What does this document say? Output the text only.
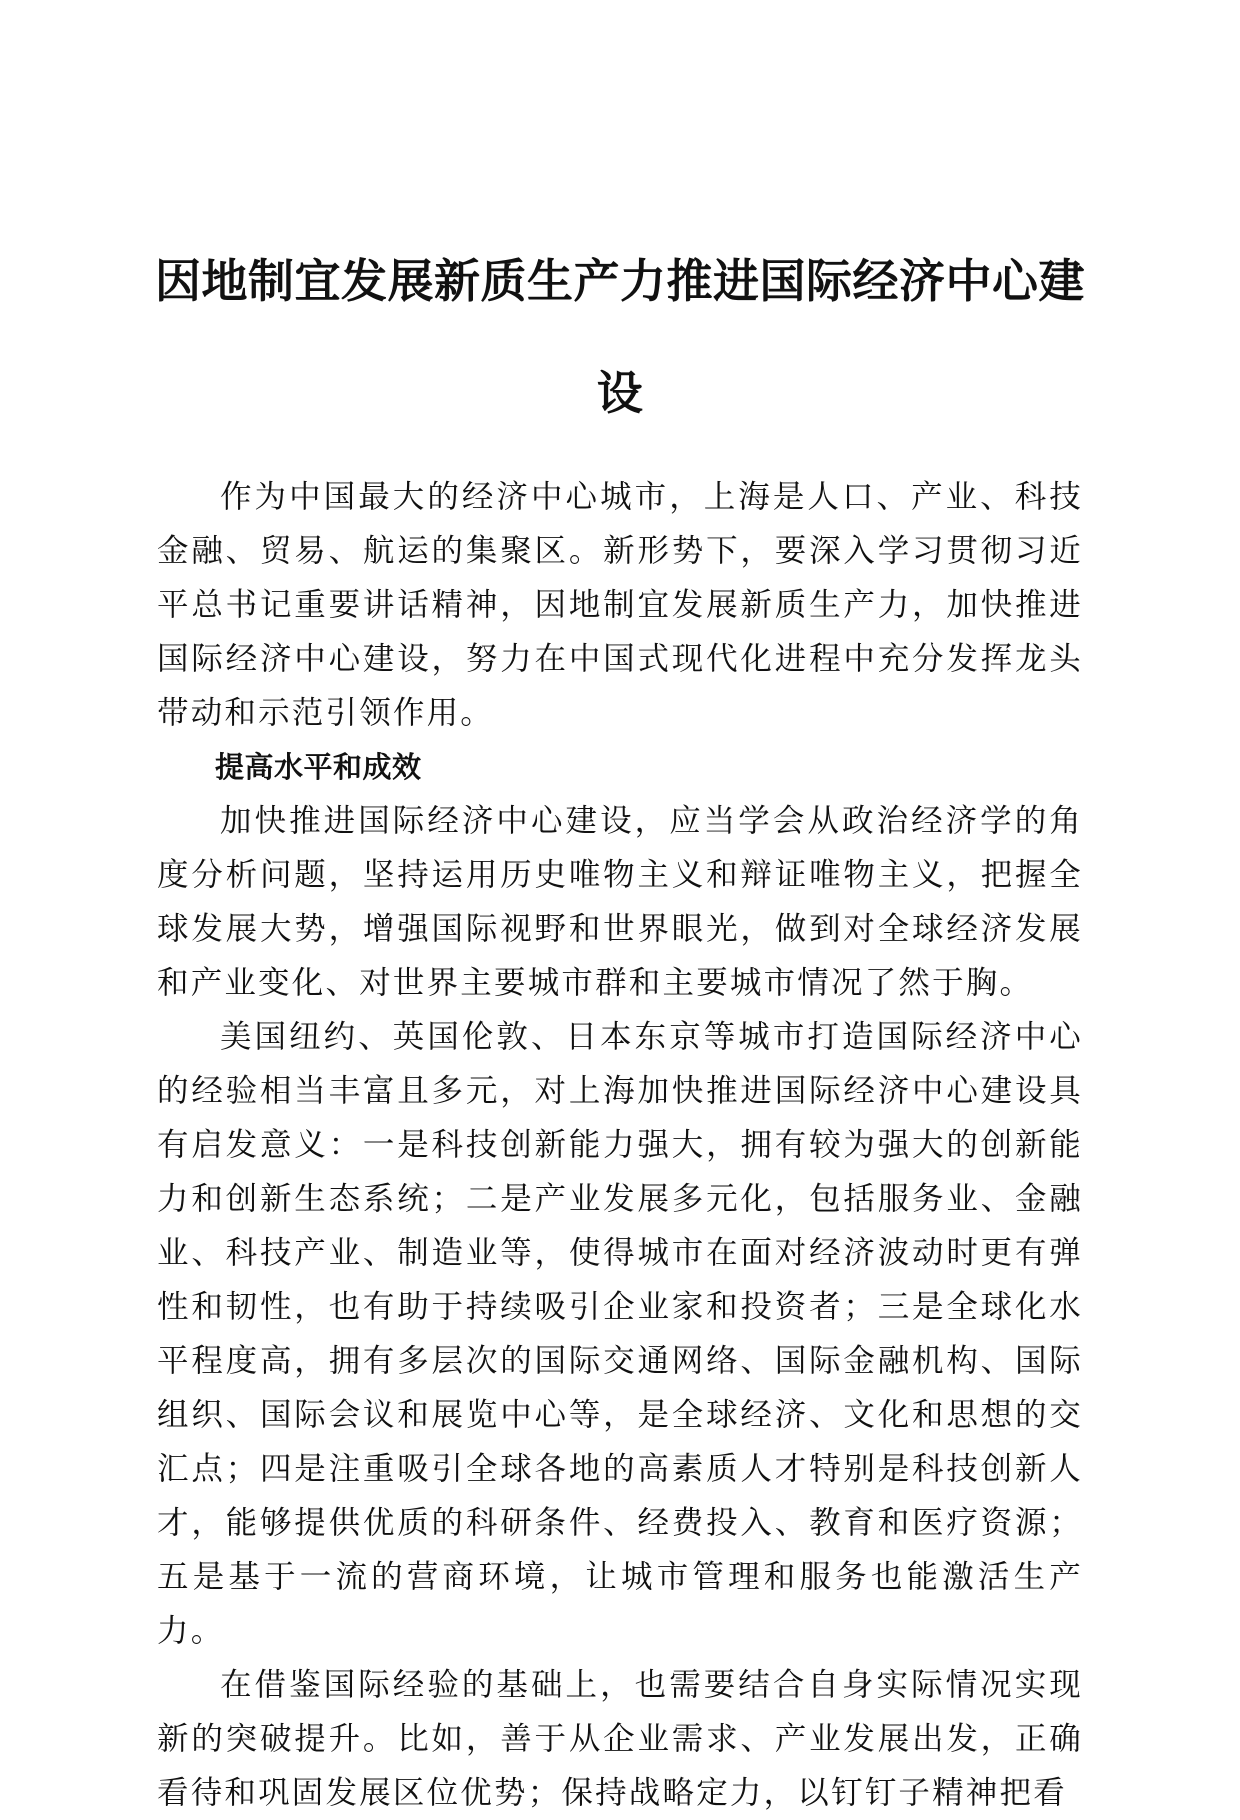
因地制宜发展新质生产力推进国际经济中心建设

作为中国最大的经济中心城市，上海是人口、产业、科技金融、贸易、航运的集聚区。新形势下，要深入学习贯彻习近平总书记重要讲话精神，因地制宜发展新质生产力，加快推进国际经济中心建设，努力在中国式现代化进程中充分发挥龙头带动和示范引领作用。

提高水平和成效

加快推进国际经济中心建设，应当学会从政治经济学的角度分析问题，坚持运用历史唯物主义和辩证唯物主义，把握全球发展大势，增强国际视野和世界眼光，做到对全球经济发展和产业变化、对世界主要城市群和主要城市情况了然于胸。

美国纽约、英国伦敦、日本东京等城市打造国际经济中心的经验相当丰富且多元，对上海加快推进国际经济中心建设具有启发意义：一是科技创新能力强大，拥有较为强大的创新能力和创新生态系统；二是产业发展多元化，包括服务业、金融业、科技产业、制造业等，使得城市在面对经济波动时更有弹性和韧性，也有助于持续吸引企业家和投资者；三是全球化水平程度高，拥有多层次的国际交通网络、国际金融机构、国际组织、国际会议和展览中心等，是全球经济、文化和思想的交汇点；四是注重吸引全球各地的高素质人才特别是科技创新人才，能够提供优质的科研条件、经费投入、教育和医疗资源；五是基于一流的营商环境，让城市管理和服务也能激活生产力。

在借鉴国际经验的基础上，也需要结合自身实际情况实现新的突破提升。比如，善于从企业需求、产业发展出发，正确看待和巩固发展区位优势；保持战略定力，以钉钉子精神把看
